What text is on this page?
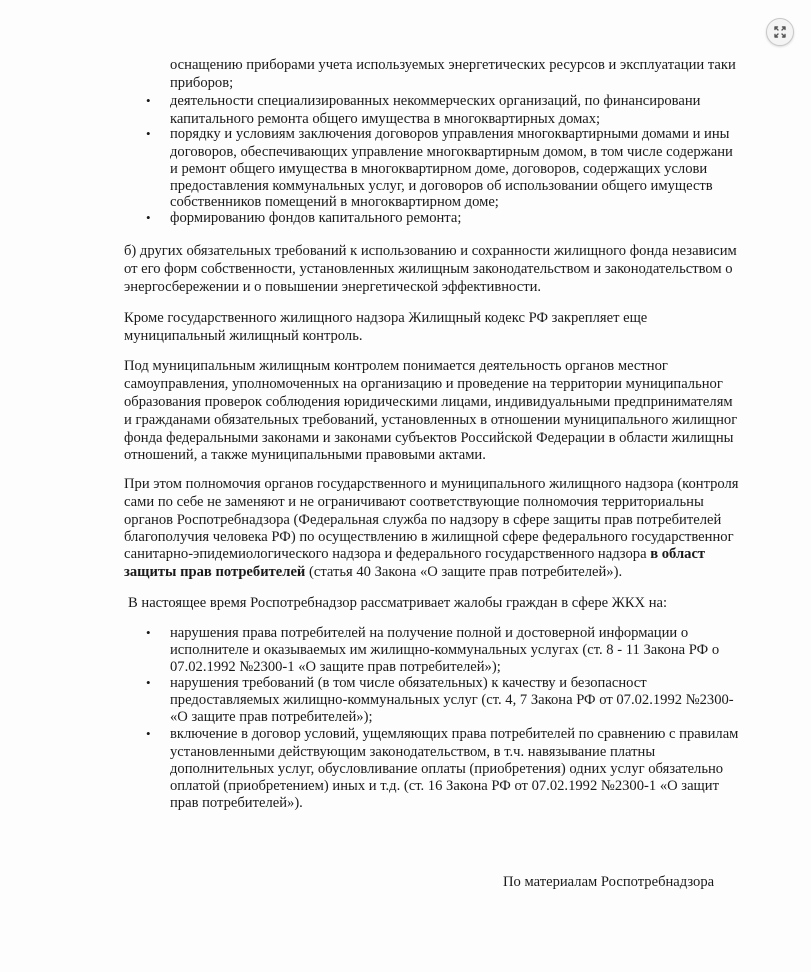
оснащению приборами учета используемых энергетических ресурсов и эксплуатации таки
приборов;
• деятельности специализированных некоммерческих организаций, по финансировани
капитального ремонта общего имущества в многоквартирных домах;
• порядку и условиям заключения договоров управления многоквартирными домами и ины
договоров, обеспечивающих управление многоквартирным домом, в том числе содержани
и ремонт общего имущества в многоквартирном доме, договоров, содержащих услови
предоставления коммунальных услуг, и договоров об использовании общего имуществ
собственников помещений в многоквартирном доме;
• формированию фондов капитального ремонта;
б) других обязательных требований к использованию и сохранности жилищного фонда независим
от его форм собственности, установленных жилищным законодательством и законодательством о
энергосбережении и о повышении энергетической эффективности.
Кроме государственного жилищного надзора Жилищный кодекс РФ закрепляет еще
муниципальный жилищный контроль.
Под муниципальным жилищным контролем понимается деятельность органов местног
самоуправления, уполномоченных на организацию и проведение на территории муниципальног
образования проверок соблюдения юридическими лицами, индивидуальными предпринимателям
и гражданами обязательных требований, установленных в отношении муниципального жилищног
фонда федеральными законами и законами субъектов Российской Федерации в области жилищны
отношений, а также муниципальными правовыми актами.
При этом полномочия органов государственного и муниципального жилищного надзора (контроля
сами по себе не заменяют и не ограничивают соответствующие полномочия территориальны
органов Роспотребнадзора (Федеральная служба по надзору в сфере защиты прав потребителей
благополучия человека РФ) по осуществлению в жилищной сфере федерального государственног
санитарно-эпидемиологического надзора и федерального государственного надзора в област
защиты прав потребителей (статья 40 Закона «О защите прав потребителей»).
В настоящее время Роспотребнадзор рассматривает жалобы граждан в сфере ЖКХ на:
• нарушения права потребителей на получение полной и достоверной информации о
исполнителе и оказываемых им жилищно-коммунальных услугах (ст. 8 - 11 Закона РФ о
07.02.1992 №2300-1 «О защите прав потребителей»);
• нарушения требований (в том числе обязательных) к качеству и безопасност
предоставляемых жилищно-коммунальных услуг (ст. 4, 7 Закона РФ от 07.02.1992 №2300-
«О защите прав потребителей»);
• включение в договор условий, ущемляющих права потребителей по сравнению с правилам
установленными действующим законодательством, в т.ч. навязывание платны
дополнительных услуг, обусловливание оплаты (приобретения) одних услуг обязательно
оплатой (приобретением) иных и т.д. (ст. 16 Закона РФ от 07.02.1992 №2300-1 «О защит
прав потребителей»).
По материалам Роспотребнадзора
